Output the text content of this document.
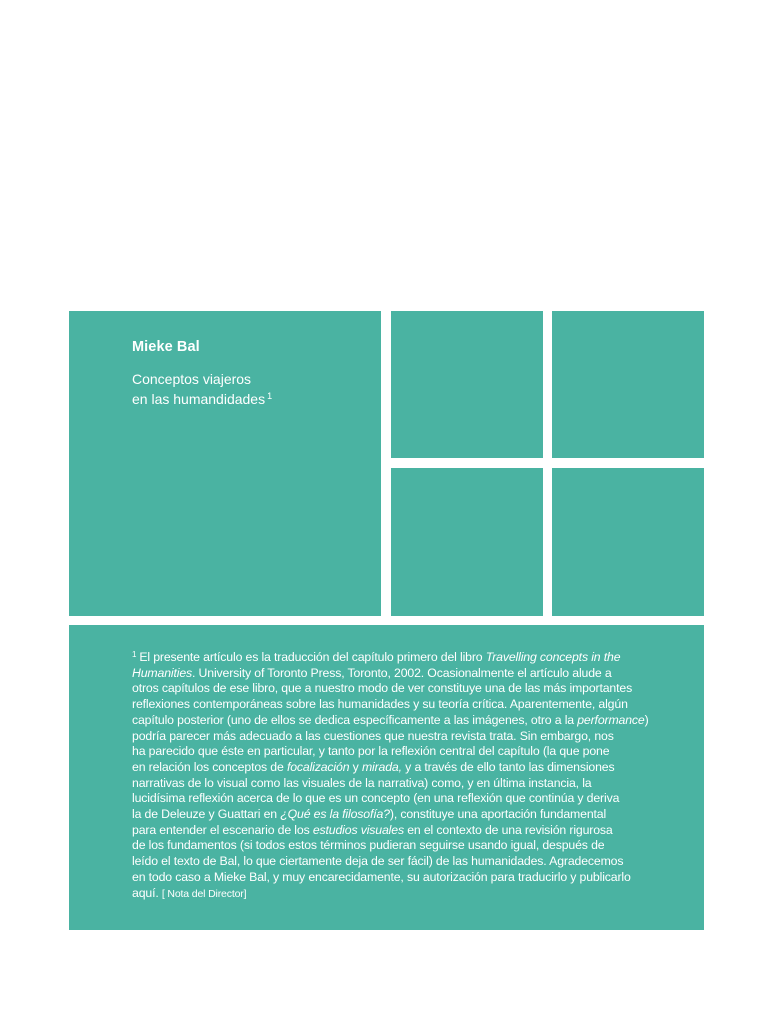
Mieke Bal
Conceptos viajeros
en las humandidades $^1$
$^1$ El presente artículo es la traducción del capítulo primero del libro Travelling concepts in the
Humanities. University of Toronto Press, Toronto, 2002. Ocasionalmente el artículo alude a
otros capítulos de ese libro, que a nuestro modo de ver constituye una de las más importantes
reflexiones contemporáneas sobre las humanidades y su teoría crítica. Aparentemente, algún
capítulo posterior (uno de ellos se dedica específicamente a las imágenes, otro a la performance)
podría parecer más adecuado a las cuestiones que nuestra revista trata. Sin embargo, nos
ha parecido que éste en particular, y tanto por la reflexión central del capítulo (la que pone
en relación los conceptos de focalización y mirada, y a través de ello tanto las dimensiones
narrativas de lo visual como las visuales de la narrativa) como, y en última instancia, la
lucidísima reflexión acerca de lo que es un concepto (en una reflexión que continúa y deriva
la de Deleuze y Guattari en ¿Qué es la filosofía?), constituye una aportación fundamental
para entender el escenario de los estudios visuales en el contexto de una revisión rigurosa
de los fundamentos (si todos estos términos pudieran seguirse usando igual, después de
leído el texto de Bal, lo que ciertamente deja de ser fácil) de las humanidades. Agradecemos
en todo caso a Mieke Bal, y muy encarecidamente, su autorización para traducirlo y publicarlo
aquí. [ Nota del Director]
